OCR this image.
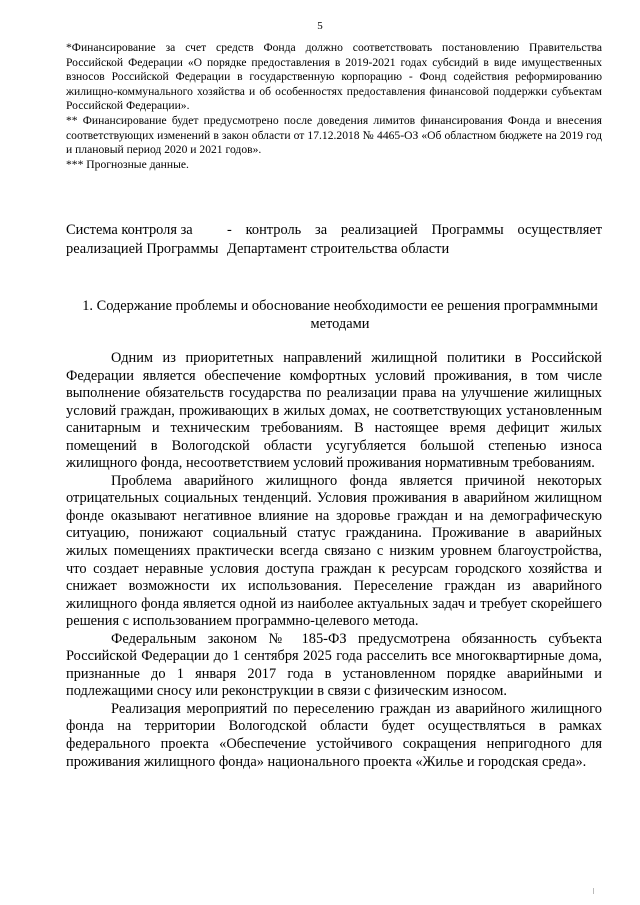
5

*Финансирование за счет средств Фонда должно соответствовать постановлению Правительства Российской Федерации «О порядке предоставления в 2019-2021 годах субсидий в виде имущественных взносов Российской Федерации в государственную корпорацию - Фонд содействия реформированию жилищно-коммунального хозяйства и об особенностях предоставления финансовой поддержки субъектам Российской Федерации».

** Финансирование будет предусмотрено после доведения лимитов финансирования Фонда и внесения соответствующих изменений в закон области от 17.12.2018 № 4465-ОЗ «Об областном бюджете на 2019 год и плановый период 2020 и 2021 годов».

*** Прогнозные данные.

Система контроля за реализацией Программы
- контроль за реализацией Программы осуществляет Департамент строительства области
1. Содержание проблемы и обоснование необходимости ее решения программными методами

Одним из приоритетных направлений жилищной политики в Российской Федерации является обеспечение комфортных условий проживания, в том числе выполнение обязательств государства по реализации права на улучшение жилищных условий граждан, проживающих в жилых домах, не соответствующих установленным санитарным и техническим требованиям. В настоящее время дефицит жилых помещений в Вологодской области усугубляется большой степенью износа жилищного фонда, несоответствием условий проживания нормативным требованиям.

Проблема аварийного жилищного фонда является причиной некоторых отрицательных социальных тенденций. Условия проживания в аварийном жилищном фонде оказывают негативное влияние на здоровье граждан и на демографическую ситуацию, понижают социальный статус гражданина. Проживание в аварийных жилых помещениях практически всегда связано с низким уровнем благоустройства, что создает неравные условия доступа граждан к ресурсам городского хозяйства и снижает возможности их использования. Переселение граждан из аварийного жилищного фонда является одной из наиболее актуальных задач и требует скорейшего решения с использованием программно-целевого метода.

Федеральным законом № 185-ФЗ предусмотрена обязанность субъекта Российской Федерации до 1 сентября 2025 года расселить все многоквартирные дома, признанные до 1 января 2017 года в установленном порядке аварийными и подлежащими сносу или реконструкции в связи с физическим износом.

Реализация мероприятий по переселению граждан из аварийного жилищного фонда на территории Вологодской области будет осуществляться в рамках федерального проекта «Обеспечение устойчивого сокращения непригодного для проживания жилищного фонда» национального проекта «Жилье и городская среда».
